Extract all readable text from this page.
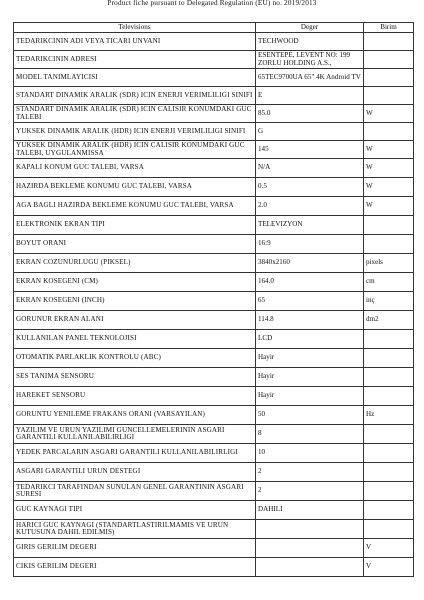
Product fiche pursuant to Delegated Regulation (EU) no. 2019/2013
Televisions	Deger	Birim
TEDARIKCININ ADI VEYA TICARI UNVANI	TECHWOOD	
TEDARIKCININ ADRESI	ESENTEPE, LEVENT NO: 199 ZORLU HOLDING A.S.,	
MODEL TANIMLAYICISI	65TEC9700UA 65" 4K Android TV	
STANDART DINAMIK ARALIK (SDR) ICIN ENERJI VERIMLILIGI SINIFI	E	
STANDART DINAMIK ARALIK (SDR) ICIN CALISIR KONUMDAKI GUC TALEBI	85.0	W
YUKSEK DINAMIK ARALIK (HDR) ICIN ENERJI VERIMLILIGI SINIFI	G	
YUKSEK DINAMIK ARALIK (HDR) ICIN CALISIR KONUMDAKI GUC TALEBI, UYGULANMISSA	145	W
KAPALI KONUM GUC TALEBI, VARSA	N/A	W
HAZIRDA BEKLEME KONUMU GUC TALEBI, VARSA	0.5	W
AGA BAGLI HAZIRDA BEKLEME KONUMU GUC TALEBI, VARSA	2.0	W
ELEKTRONIK EKRAN TIPI	TELEVIZYON	
BOYUT ORANI	16:9	
EKRAN COZUNURLUGU (PIKSEL)	3840x2160	pixels
EKRAN KOSEGENI (CM)	164.0	cm
EKRAN KOSEGENI (INCH)	65	inç
GORUNUR EKRAN ALANI	114.8	dm2
KULLANILAN PANEL TEKNOLOJISI	LCD	
OTOMATIK PARLAKLIK KONTROLU (ABC)	Hayir	
SES TANIMA SENSORU	Hayir	
HAREKET SENSORU	Hayir	
GORUNTU YENILEME FRAKANS ORANI (VARSAYILAN)	50	Hz
YAZILIM VE URUN YAZILIMI GUNCELLEMELERININ ASGARI GARANTILI KULLANILABILIRLIGI	8	
YEDEK PARCALARIN ASGARI GARANTILI KULLANILABILIRLIGI	10	
ASGARI GARANTILI URUN DESTEGI	2	
TEDARIKCI TARAFINDAN SUNULAN GENEL GARANTININ ASGARI SURESI	2	
GUC KAYNAGI TIPI	DAHILI	
HARICI GUC KAYNAGI (STANDARTLASTIRILMAMIS VE URUN KUTUSUNA DAHIL EDILMIS)		
GIRIS GERILIM DEGERI		V
CIKIS GERILIM DEGERI		V
